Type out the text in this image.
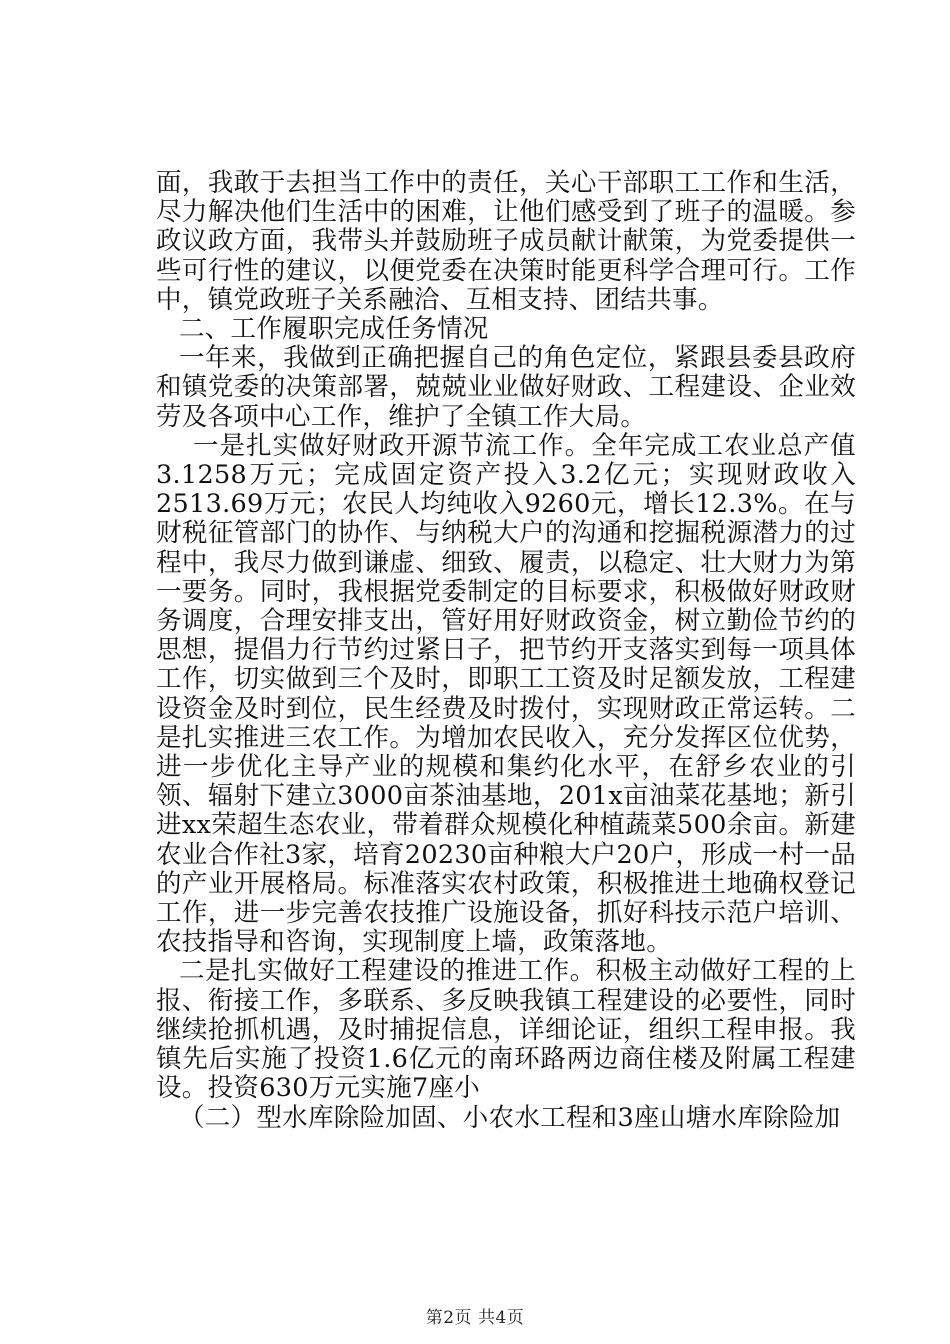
面，我敢于去担当工作中的责任，关心干部职工工作和生活，尽力解决他们生活中的困难，让他们感受到了班子的温暖。参政议政方面，我带头并鼓励班子成员献计献策，为党委提供一些可行性的建议，以便党委在决策时能更科学合理可行。工作中，镇党政班子关系融洽、互相支持、团结共事。

二、工作履职完成任务情况

一年来，我做到正确把握自己的角色定位，紧跟县委县政府和镇党委的决策部署，兢兢业业做好财政、工程建设、企业效劳及各项中心工作，维护了全镇工作大局。

一是扎实做好财政开源节流工作。全年完成工农业总产值3.1258万元；完成固定资产投入3.2亿元；实现财政收入2513.69万元；农民人均纯收入9260元，增长12.3%。在与财税征管部门的协作、与纳税大户的沟通和挖掘税源潜力的过程中，我尽力做到谦虚、细致、履责，以稳定、壮大财力为第一要务。同时，我根据党委制定的目标要求，积极做好财政财务调度，合理安排支出，管好用好财政资金，树立勤俭节约的思想，提倡力行节约过紧日子，把节约开支落实到每一项具体工作，切实做到三个及时，即职工工资及时足额发放，工程建设资金及时到位，民生经费及时拨付，实现财政正常运转。二是扎实推进三农工作。为增加农民收入，充分发挥区位优势，进一步优化主导产业的规模和集约化水平，在舒乡农业的引领、辐射下建立3000亩茶油基地，201x亩油菜花基地；新引进xx荣超生态农业，带着群众规模化种植蔬菜500余亩。新建农业合作社3家，培育20230亩种粮大户20户，形成一村一品的产业开展格局。标准落实农村政策，积极推进土地确权登记工作，进一步完善农技推广设施设备，抓好科技示范户培训、农技指导和咨询，实现制度上墙，政策落地。

二是扎实做好工程建设的推进工作。积极主动做好工程的上报、衔接工作，多联系、多反映我镇工程建设的必要性，同时继续抢抓机遇，及时捕捉信息，详细论证，组织工程申报。我镇先后实施了投资1.6亿元的南环路两边商住楼及附属工程建设。投资630万元实施7座小

（二）型水库除险加固、小农水工程和3座山塘水库除险加

第2页 共4页
